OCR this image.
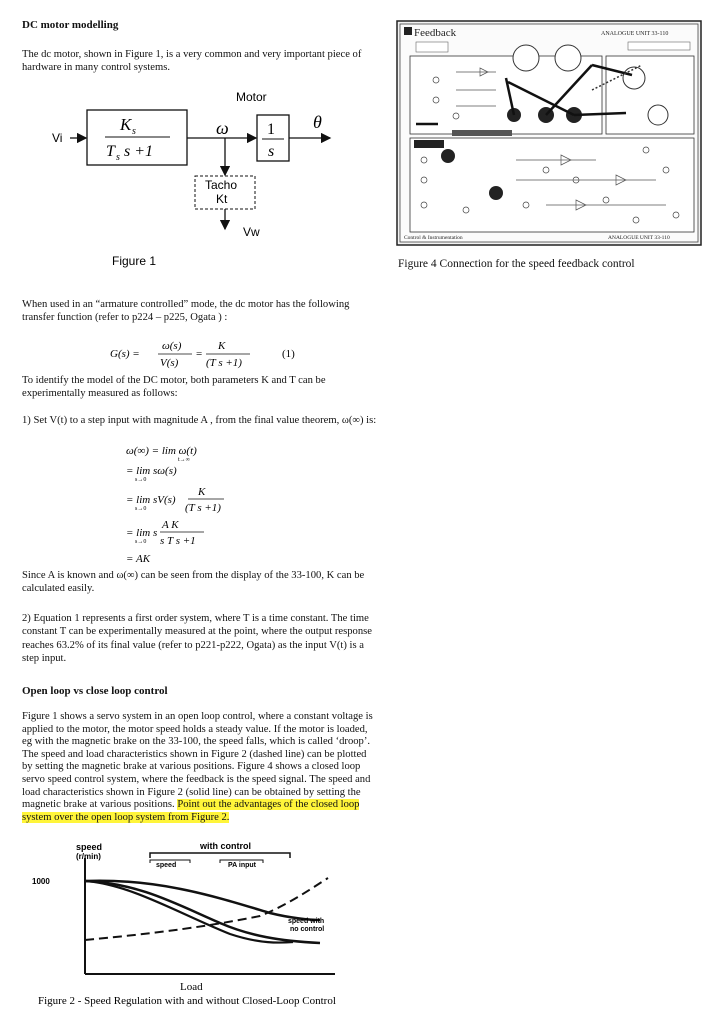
DC motor modelling
The dc motor, shown in Figure 1, is a very common and very important piece of hardware in many control systems.
Motor
Vi
K s
T s s +1
ω 1
s
θ
Tacho
Kt
Vw
Figure 1
When used in an “armature controlled” mode, the dc motor has the following transfer function (refer to p224 – p225, Ogata ) :
G(s) =
ω(s)
V(s)
=
K
(T s +1)
(1)
To identify the model of the DC motor, both parameters K and T can be experimentally measured as follows:
1) Set V(t) to a step input with magnitude A , from the final value theorem, ω(∞) is:
ω(∞) = lim ω(t)
t→∞
= lim sω(s)
s→0
= lim sV(s)
s→0
K
(T s +1)
= lim s
s→0
A K
s T s +1
= AK
Since A is known and ω(∞) can be seen from the display of the 33-100, K can be calculated easily.
2) Equation 1 represents a first order system, where T is a time constant. The time constant T can be experimentally measured at the point, where the output response reaches 63.2% of its final value (refer to p221-p222, Ogata) as the input V(t) is a step input.
Open loop vs close loop control
Figure 1 shows a servo system in an open loop control, where a constant voltage is applied to the motor, the motor speed holds a steady value. If the motor is loaded, eg with the magnetic brake on the 33-100, the speed falls, which is called ‘droop’. The speed and load characteristics shown in Figure 2 (dashed line) can be plotted by setting the magnetic brake at various positions. Figure 4 shows a closed loop servo speed control system, where the feedback is the speed signal. The speed and load characteristics shown in Figure 2 (solid line) can be obtained by setting the magnetic brake at various positions. Point out the advantages of the closed loop system over the open loop system from Figure 2.
speed
(r/min)
with control
speed	PA input
1000
speed with
no control
Load
Figure 2 - Speed Regulation with and without Closed-Loop Control
Feedback	ANALOGUE UNIT 33-110
Control & Instrumentation	ANALOGUE UNIT 33-110
Figure 4 Connection for the speed feedback control
